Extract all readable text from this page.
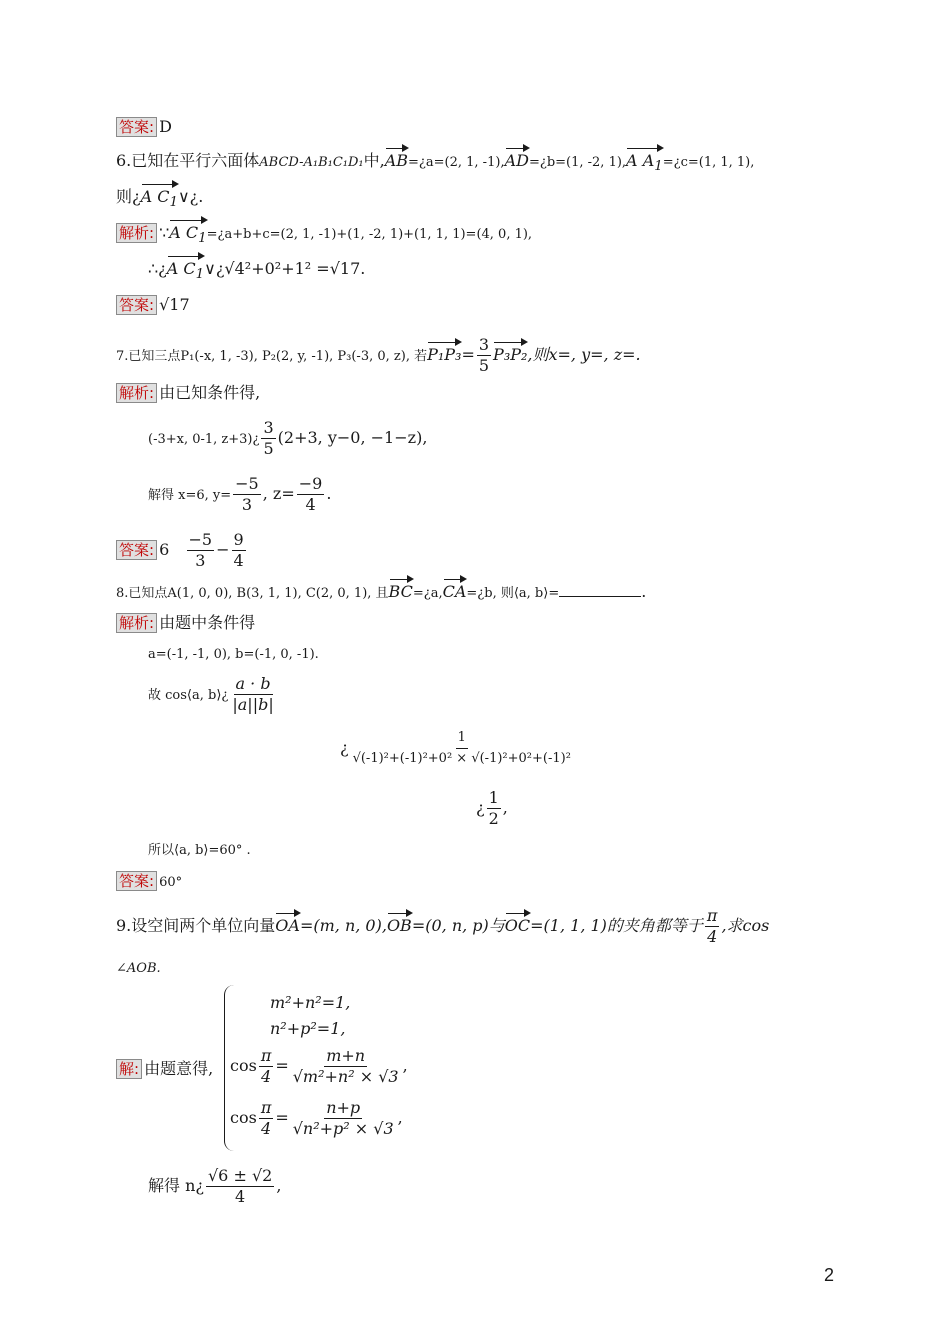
答案: D
6.已知在平行六面体ABCD-A₁B₁C₁D₁中,AB=¿a=(2, 1, -1),AD=¿b=(1, -2, 1),A $A_1=¿c=(1$, 1, 1),
则¿A $C_1\vee¿$.
解析: ∵A $C_1=¿a+b+c=(2$, 1, -1)+(1, -2, 1)+(1, 1, 1)=(4, 0, 1),
∴¿A $C_1\vee¿√4^2+0^2+1^2 =√17$.
答案: √17
7.已知三点P₁(-x, 1, -3), P₂(2, y, -1), P₃(-3, 0, z), 若$P_1P_3= \frac{3}{5} P_3P_2$,则x=, y=, z=.
解析: 由已知条件得,
(-3+x, 0-1, z+3)¿ $\frac{3}{5} (2+3$, y−0, −1−z),
解得 x=6, $y= \frac{-5}{3}$ , $z= \frac{-9}{4}$ .
答案: $6 \frac{-5}{3} - \frac{9}{4}$
8.已知点A(1, 0, 0), B(3, 1, 1), C(2, 0, 1), 且BC=¿a,CA=¿b, 则⟨a, b⟩=	.
解析: 由题中条件得
a=(-1, -1, 0), b=(-1, 0, -1).
故 cos⟨a, b⟩¿ $\frac{a \cdot b}{|a||b|}$
¿ $\frac{1}{\text{√(-1)²+(-1)²+0² × √(-1)²+0²+(-1)²}}$
¿ $\frac{1}{2}$ ,
所以⟨a, b⟩=60° .
答案: 60°
9.设空间两个单位向量OA=(m, n, 0),OB=(0, n, p)与OC=(1, 1, 1)的夹角都等于 $\frac{\pi}{4}$ ,求cos
∠AOB.
解: 由题意得,
m²+n²=1,
n²+p²=1,
$\cos \frac{\pi}{4} = \frac{m+n}{\text{√m²+n² × √3}}$ ,
$\cos \frac{\pi}{4} = \frac{n+p}{\text{√n²+p² × √3}}$ ,
解得 n¿ $\frac{√6 \pm √2}{4}$ ,
2
